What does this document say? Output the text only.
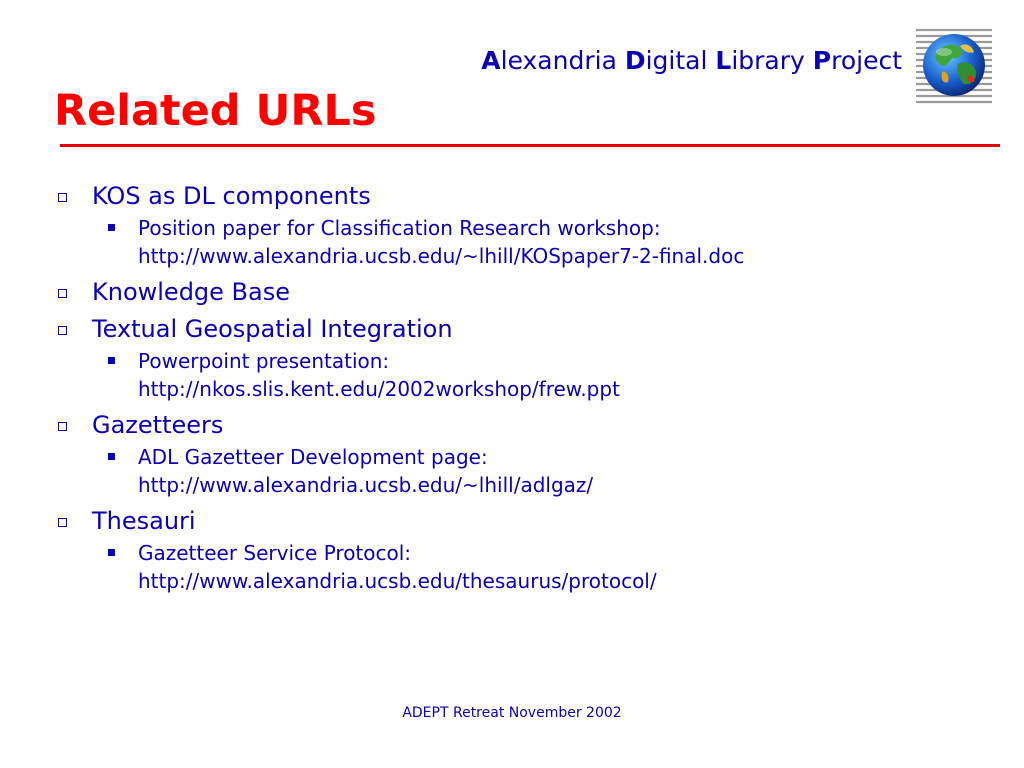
Alexandria Digital Library Project
Related URLs
KOS as DL components
Position paper for Classification Research workshop:
http://www.alexandria.ucsb.edu/~lhill/KOSpaper7-2-final.doc
Knowledge Base
Textual Geospatial Integration
Powerpoint presentation:
http://nkos.slis.kent.edu/2002workshop/frew.ppt
Gazetteers
ADL Gazetteer Development page:
http://www.alexandria.ucsb.edu/~lhill/adlgaz/
Thesauri
Gazetteer Service Protocol:
http://www.alexandria.ucsb.edu/thesaurus/protocol/
ADEPT Retreat November 2002
